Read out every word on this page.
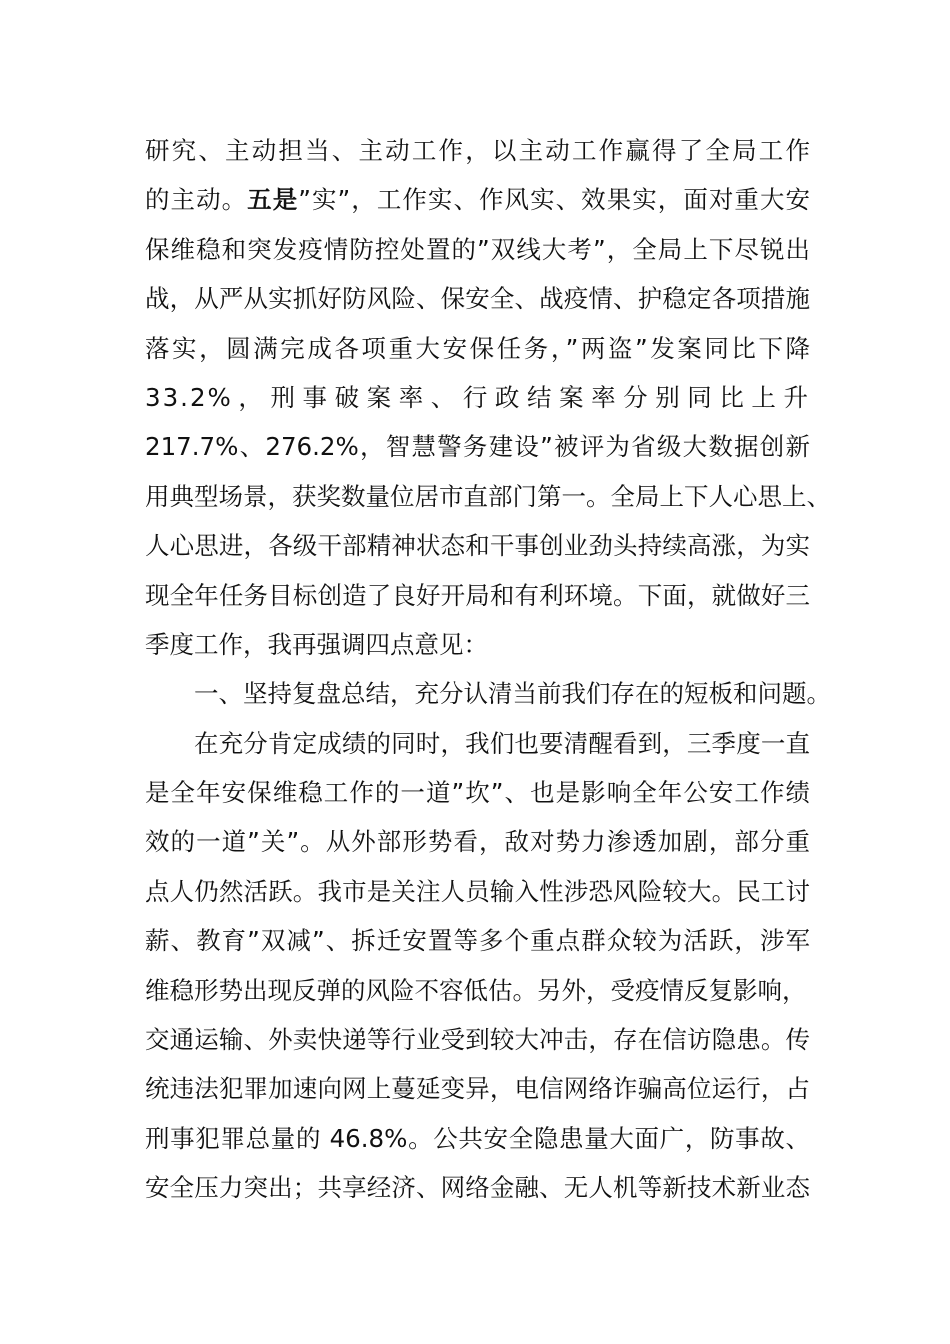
研究、主动担当、主动工作，以主动工作赢得了全局工作
的主动。五是”实”，工作实、作风实、效果实，面对重大安
保维稳和突发疫情防控处置的”双线大考”，全局上下尽锐出
战，从严从实抓好防风险、保安全、战疫情、护稳定各项措施
落实，圆满完成各项重大安保任务，”两盗”发案同比下降
33.2%，刑事破案率、行政结案率分别同比上升
217.7%、276.2%，智慧警务建设”被评为省级大数据创新
用典型场景，获奖数量位居市直部门第一。全局上下人心思上、
人心思进，各级干部精神状态和干事创业劲头持续高涨，为实
现全年任务目标创造了良好开局和有利环境。下面，就做好三
季度工作，我再强调四点意见：
一、坚持复盘总结，充分认清当前我们存在的短板和问题。
在充分肯定成绩的同时，我们也要清醒看到，三季度一直
是全年安保维稳工作的一道”坎”、也是影响全年公安工作绩
效的一道”关”。从外部形势看，敌对势力渗透加剧，部分重
点人仍然活跃。我市是关注人员输入性涉恐风险较大。民工讨
薪、教育”双减”、拆迁安置等多个重点群众较为活跃，涉军
维稳形势出现反弹的风险不容低估。另外，受疫情反复影响，
交通运输、外卖快递等行业受到较大冲击，存在信访隐患。传
统违法犯罪加速向网上蔓延变异，电信网络诈骗高位运行，占
刑事犯罪总量的 46.8%。公共安全隐患量大面广，防事故、
安全压力突出；共享经济、网络金融、无人机等新技术新业态
